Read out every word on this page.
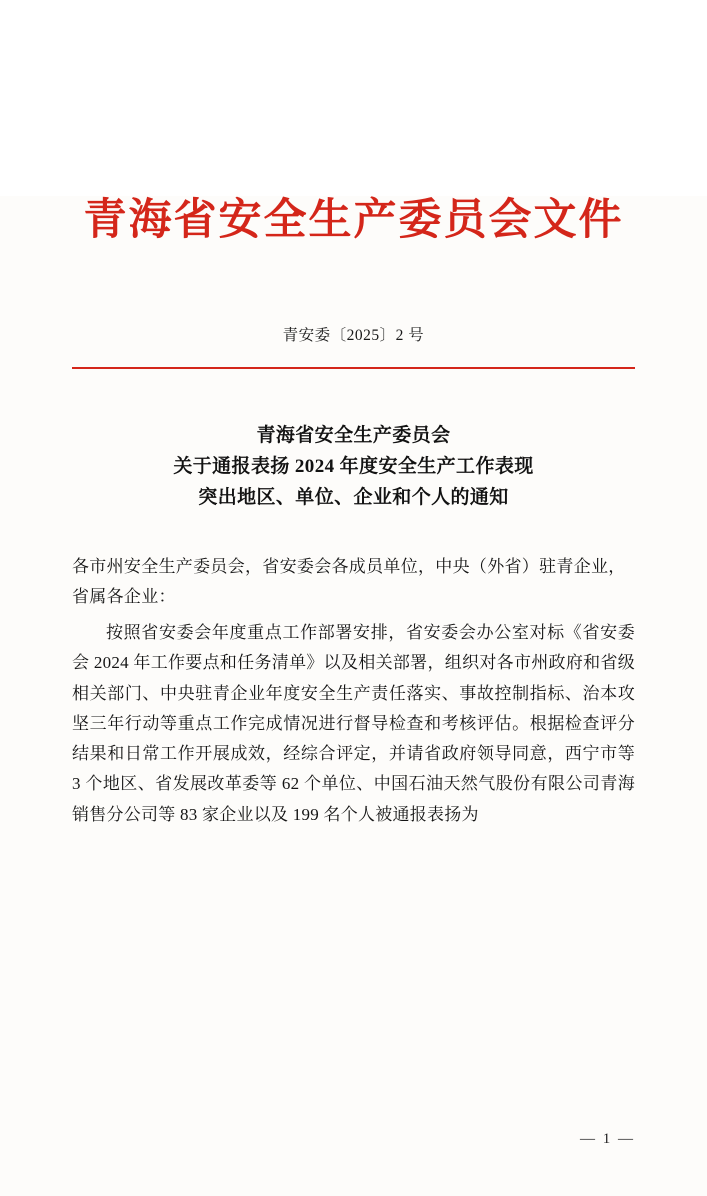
青海省安全生产委员会文件
青安委〔2025〕2 号
青海省安全生产委员会
关于通报表扬 2024 年度安全生产工作表现
突出地区、单位、企业和个人的通知
各市州安全生产委员会，省安委会各成员单位，中央（外省）驻青企业，省属各企业：
按照省安委会年度重点工作部署安排，省安委会办公室对标《省安委会 2024 年工作要点和任务清单》以及相关部署，组织对各市州政府和省级相关部门、中央驻青企业年度安全生产责任落实、事故控制指标、治本攻坚三年行动等重点工作完成情况进行督导检查和考核评估。根据检查评分结果和日常工作开展成效，经综合评定，并请省政府领导同意，西宁市等 3 个地区、省发展改革委等 62 个单位、中国石油天然气股份有限公司青海销售分公司等 83 家企业以及 199 名个人被通报表扬为
— 1 —
